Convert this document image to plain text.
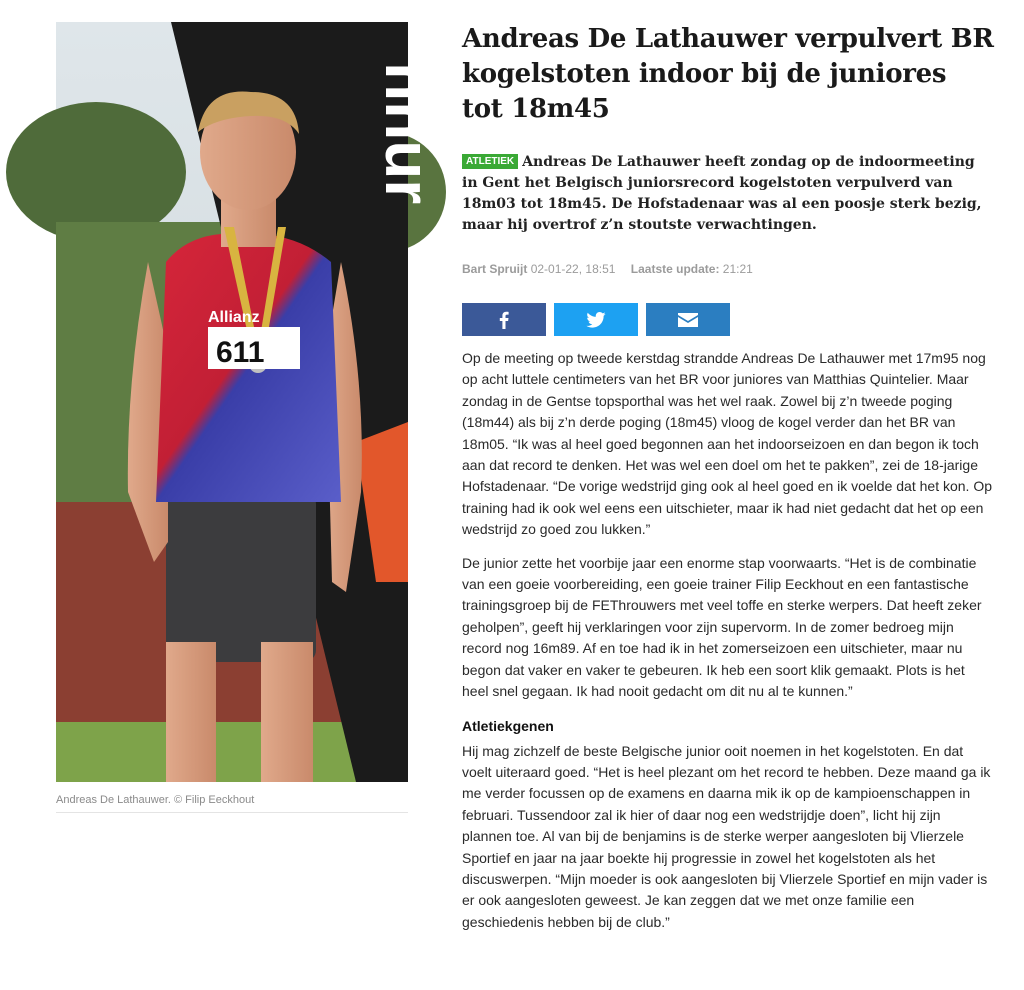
nnur
611
Allianz
Andreas De Lathauwer. © Filip Eeckhout
Andreas De Lathauwer verpulvert BR kogelstoten indoor bij de juniores tot 18m45

ATLETIEK Andreas De Lathauwer heeft zondag op de indoormeeting in Gent het Belgisch juniorsrecord kogelstoten verpulverd van 18m03 tot 18m45. De Hofstadenaar was al een poosje sterk bezig, maar hij overtrof z’n stoutste verwachtingen.

Bart Spruijt 02-01-22, 18:51 Laatste update: 21:21

Op de meeting op tweede kerstdag strandde Andreas De Lathauwer met 17m95 nog op acht luttele centimeters van het BR voor juniores van Matthias Quintelier. Maar zondag in de Gentse topsporthal was het wel raak. Zowel bij z’n tweede poging (18m44) als bij z’n derde poging (18m45) vloog de kogel verder dan het BR van 18m05. “Ik was al heel goed begonnen aan het indoorseizoen en dan begon ik toch aan dat record te denken. Het was wel een doel om het te pakken”, zei de 18-jarige Hofstadenaar. “De vorige wedstrijd ging ook al heel goed en ik voelde dat het kon. Op training had ik ook wel eens een uitschieter, maar ik had niet gedacht dat het op een wedstrijd zo goed zou lukken.”

De junior zette het voorbije jaar een enorme stap voorwaarts. “Het is de combinatie van een goeie voorbereiding, een goeie trainer Filip Eeckhout en een fantastische trainingsgroep bij de FEThrouwers met veel toffe en sterke werpers. Dat heeft zeker geholpen”, geeft hij verklaringen voor zijn supervorm. In de zomer bedroeg mijn record nog 16m89. Af en toe had ik in het zomerseizoen een uitschieter, maar nu begon dat vaker en vaker te gebeuren. Ik heb een soort klik gemaakt. Plots is het heel snel gegaan. Ik had nooit gedacht om dit nu al te kunnen.”

Atletiekgenen

Hij mag zichzelf de beste Belgische junior ooit noemen in het kogelstoten. En dat voelt uiteraard goed. “Het is heel plezant om het record te hebben. Deze maand ga ik me verder focussen op de examens en daarna mik ik op de kampioenschappen in februari. Tussendoor zal ik hier of daar nog een wedstrijdje doen”, licht hij zijn plannen toe. Al van bij de benjamins is de sterke werper aangesloten bij Vlierzele Sportief en jaar na jaar boekte hij progressie in zowel het kogelstoten als het discuswerpen. “Mijn moeder is ook aangesloten bij Vlierzele Sportief en mijn vader is er ook aangesloten geweest. Je kan zeggen dat we met onze familie een geschiedenis hebben bij de club.”
